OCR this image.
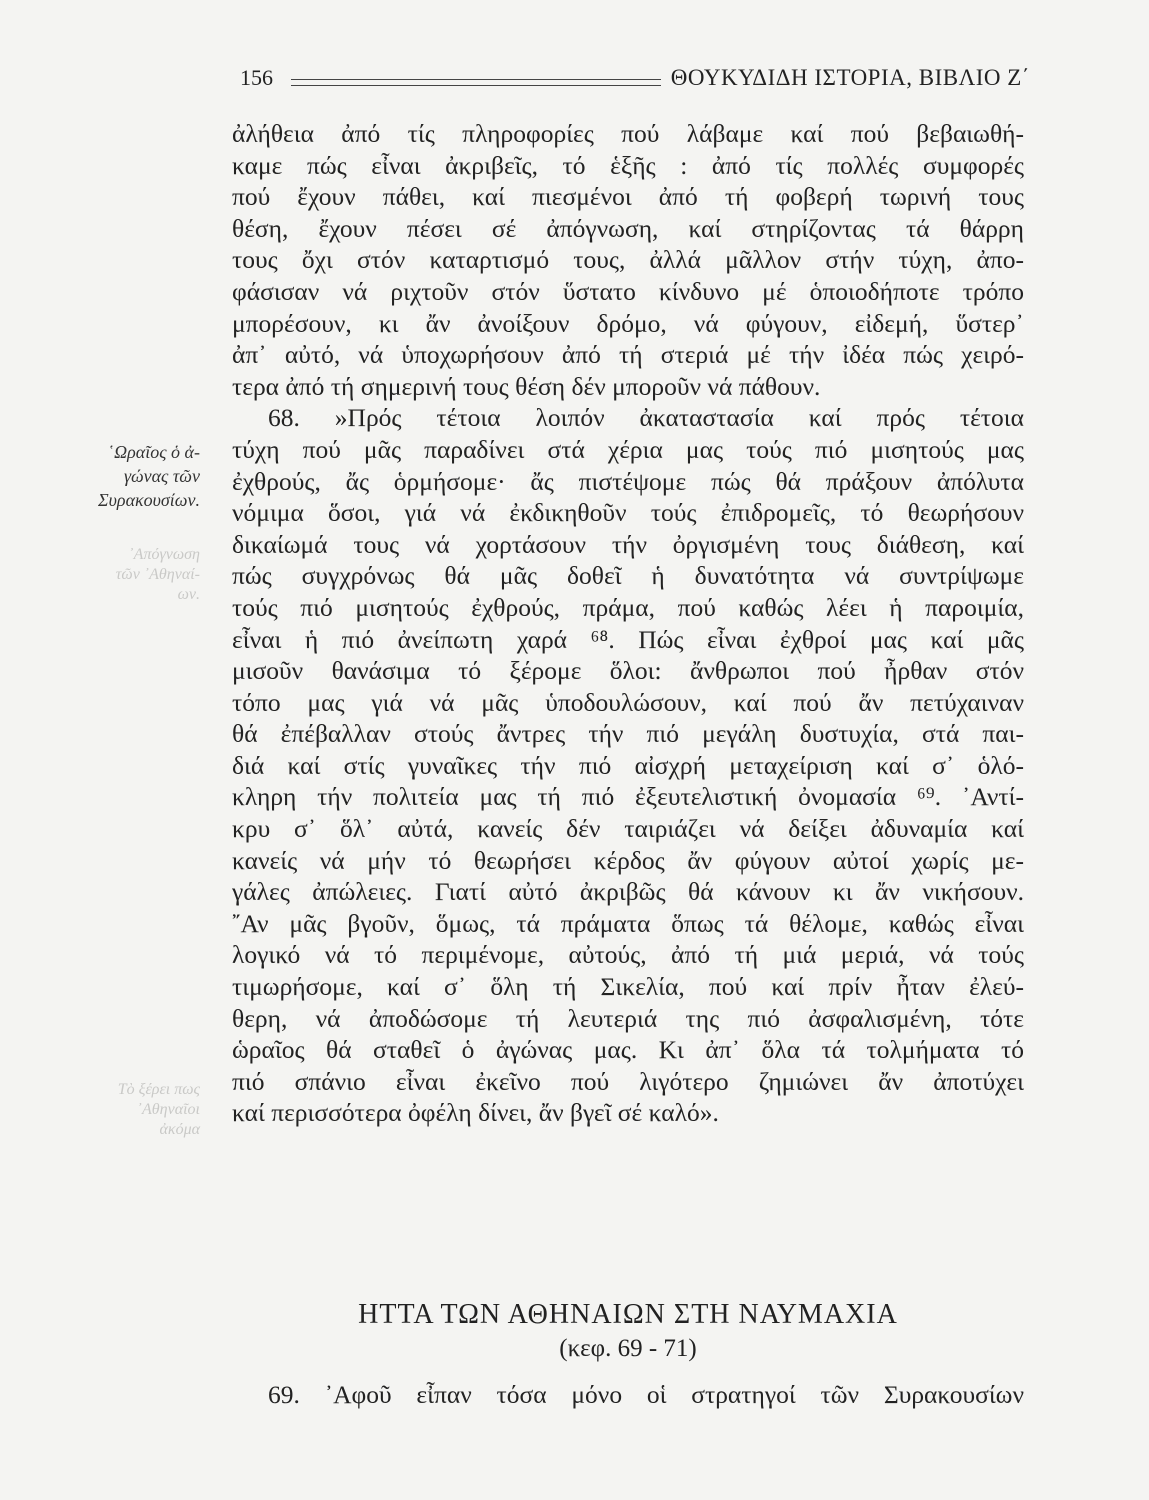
156	ΘΟΥΚΥΔΙΔΗ ΙΣΤΟΡΙΑ, ΒΙΒΛΙΟ Ζ΄
῾Ωραῖος ὁ ἀ-
γώνας τῶν
Συρακουσίων.
᾿Απόγνωση
τῶν ᾿Αθηναί-
ων.
Τὸ ξέρει πως
᾿Αθηναῖοι
ἀκόμα
ἀλήθεια ἀπό τίς πληροφορίες πού λάβαμε καί πού βεβαιωθή-
καμε πώς εἶναι ἀκριβεῖς, τό ἑξῆς : ἀπό τίς πολλές συμφορές
πού ἔχουν πάθει, καί πιεσμένοι ἀπό τή φοβερή τωρινή τους
θέση, ἔχουν πέσει σέ ἀπόγνωση, καί στηρίζοντας τά θάρρη
τους ὄχι στόν καταρτισμό τους, ἀλλά μᾶλλον στήν τύχη, ἀπο-
φάσισαν νά ριχτοῦν στόν ὕστατο κίνδυνο μέ ὁποιοδήποτε τρόπο
μπορέσουν, κι ἄν ἀνοίξουν δρόμο, νά φύγουν, εἰδεμή, ὕστερ᾿
ἀπ᾿ αὐτό, νά ὑποχωρήσουν ἀπό τή στεριά μέ τήν ἰδέα πώς χειρό-
τερα ἀπό τή σημερινή τους θέση δέν μποροῦν νά πάθουν.
68. »Πρός τέτοια λοιπόν ἀκαταστασία καί πρός τέτοια
τύχη πού μᾶς παραδίνει στά χέρια μας τούς πιό μισητούς μας
ἐχθρούς, ἄς ὁρμήσομε· ἄς πιστέψομε πώς θά πράξουν ἀπόλυτα
νόμιμα ὅσοι, γιά νά ἐκδικηθοῦν τούς ἐπιδρομεῖς, τό θεωρήσουν
δικαίωμά τους νά χορτάσουν τήν ὀργισμένη τους διάθεση, καί
πώς συγχρόνως θά μᾶς δοθεῖ ἡ δυνατότητα νά συντρίψωμε
τούς πιό μισητούς ἐχθρούς, πράμα, πού καθώς λέει ἡ παροιμία,
εἶναι ἡ πιό ἀνείπωτη χαρά ⁶⁸. Πώς εἶναι ἐχθροί μας καί μᾶς
μισοῦν θανάσιμα τό ξέρομε ὅλοι: ἄνθρωποι πού ἦρθαν στόν
τόπο μας γιά νά μᾶς ὑποδουλώσουν, καί πού ἄν πετύχαιναν
θά ἐπέβαλλαν στούς ἄντρες τήν πιό μεγάλη δυστυχία, στά παι-
διά καί στίς γυναῖκες τήν πιό αἰσχρή μεταχείριση καί σ᾿ ὁλό-
κληρη τήν πολιτεία μας τή πιό ἐξευτελιστική ὀνομασία ⁶⁹. ᾿Αντί-
κρυ σ᾿ ὅλ᾿ αὐτά, κανείς δέν ταιριάζει νά δείξει ἀδυναμία καί
κανείς νά μήν τό θεωρήσει κέρδος ἄν φύγουν αὐτοί χωρίς με-
γάλες ἀπώλειες. Γιατί αὐτό ἀκριβῶς θά κάνουν κι ἄν νικήσουν.
῎Αν μᾶς βγοῦν, ὅμως, τά πράματα ὅπως τά θέλομε, καθώς εἶναι
λογικό νά τό περιμένομε, αὐτούς, ἀπό τή μιά μεριά, νά τούς
τιμωρήσομε, καί σ᾿ ὅλη τή Σικελία, πού καί πρίν ἦταν ἐλεύ-
θερη, νά ἀποδώσομε τή λευτεριά της πιό ἀσφαλισμένη, τότε
ὡραῖος θά σταθεῖ ὁ ἀγώνας μας. Κι ἀπ᾿ ὅλα τά τολμήματα τό
πιό σπάνιο εἶναι ἐκεῖνο πού λιγότερο ζημιώνει ἄν ἀποτύχει
καί περισσότερα ὀφέλη δίνει, ἄν βγεῖ σέ καλό».
ΗΤΤΑ ΤΩΝ ΑΘΗΝΑΙΩΝ ΣΤΗ ΝΑΥΜΑΧΙΑ
(κεφ. 69 - 71)
69. ᾿Αφοῦ εἶπαν τόσα μόνο οἱ στρατηγοί τῶν Συρακουσίων
